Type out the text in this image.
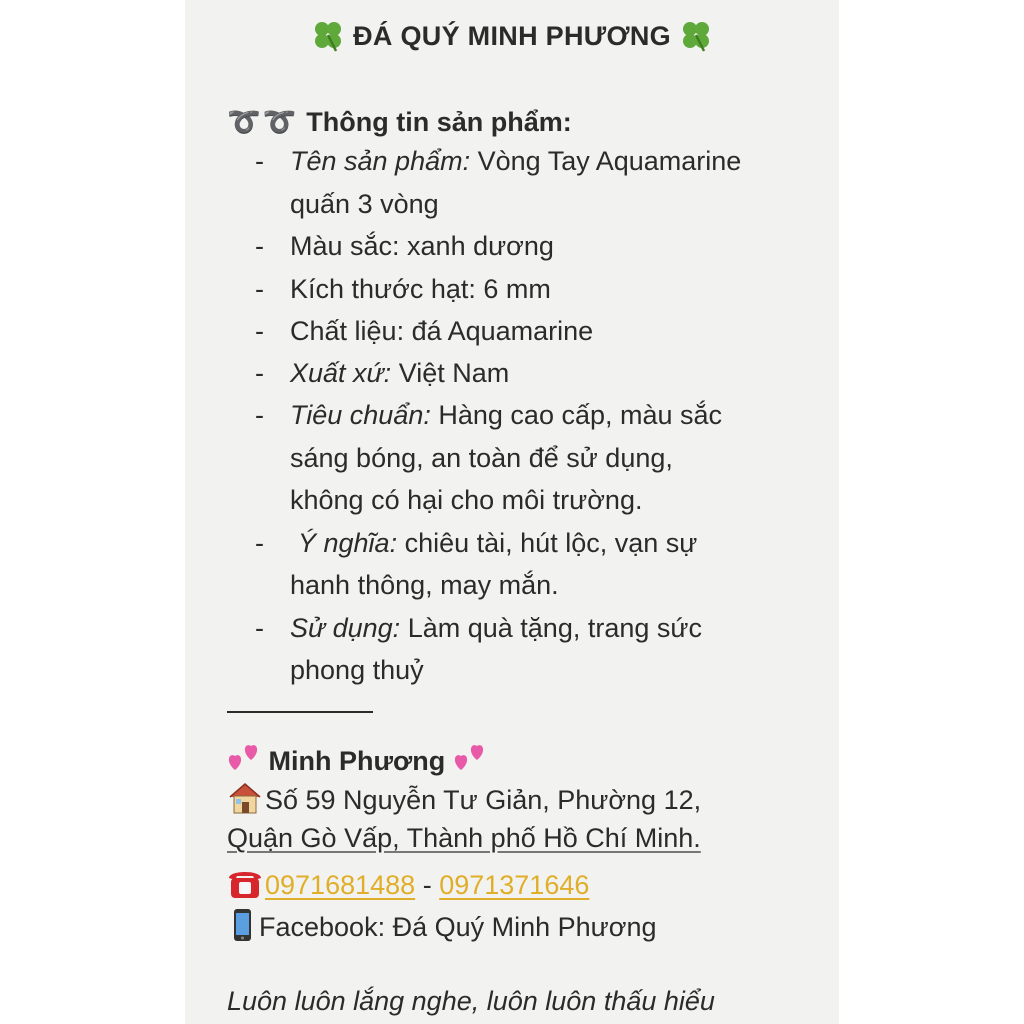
ĐÁ QUÝ MINH PHƯƠNG
➰➰ Thông tin sản phẩm:
- Tên sản phẩm: Vòng Tay Aquamarine
quấn 3 vòng
- Màu sắc: xanh dương
- Kích thước hạt: 6 mm
- Chất liệu: đá Aquamarine
- Xuất xứ: Việt Nam
- Tiêu chuẩn: Hàng cao cấp, màu sắc
sáng bóng, an toàn để sử dụng,
không có hại cho môi trường.
- Ý nghĩa: chiêu tài, hút lộc, vạn sự
hanh thông, may mắn.
- Sử dụng: Làm quà tặng, trang sức
phong thuỷ
Minh Phương
Số 59 Nguyễn Tư Giản, Phường 12,
Quận Gò Vấp, Thành phố Hồ Chí Minh.
0971681488 - 0971371646
Facebook: Đá Quý Minh Phương
Luôn luôn lắng nghe, luôn luôn thấu hiểu
